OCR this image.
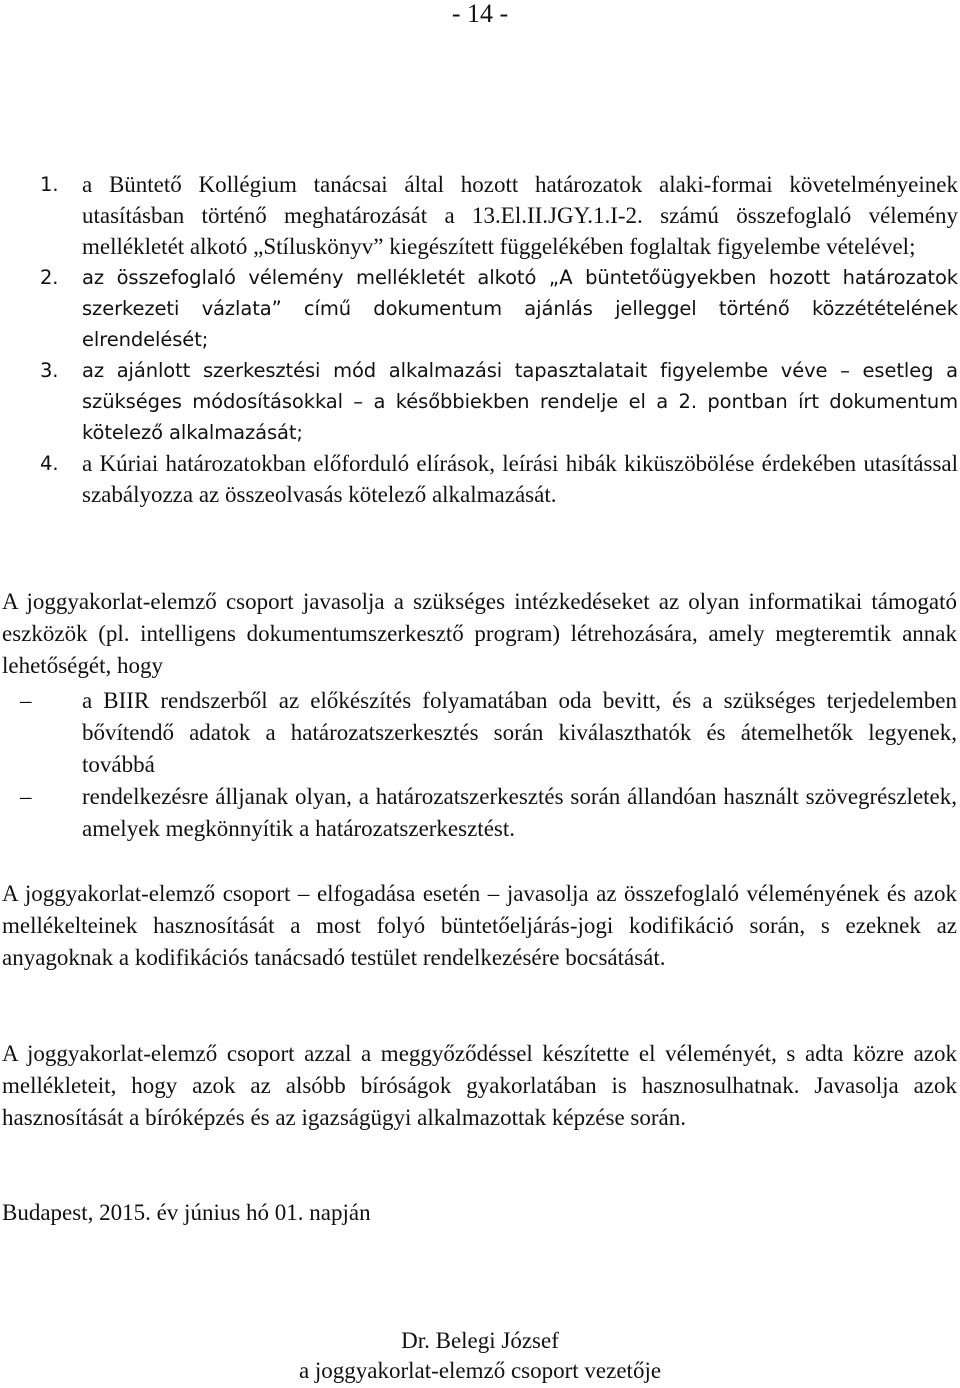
- 14 -
1. a Büntető Kollégium tanácsai által hozott határozatok alaki-formai követelményeinek utasításban történő meghatározását a 13.El.II.JGY.1.I-2. számú összefoglaló vélemény mellékletét alkotó „Stíluskönyv” kiegészített függelékében foglaltak figyelembe vételével;
2. az összefoglaló vélemény mellékletét alkotó „A büntetőügyekben hozott határozatok szerkezeti vázlata” című dokumentum ajánlás jelleggel történő közzétételének elrendelését;
3. az ajánlott szerkesztési mód alkalmazási tapasztalatait figyelembe véve – esetleg a szükséges módosításokkal – a későbbiekben rendelje el a 2. pontban írt dokumentum kötelező alkalmazását;
4. a Kúriai határozatokban előforduló elírások, leírási hibák kiküszöbölése érdekében utasítással szabályozza az összeolvasás kötelező alkalmazását.

A joggyakorlat-elemző csoport javasolja a szükséges intézkedéseket az olyan informatikai támogató eszközök (pl. intelligens dokumentumszerkesztő program) létrehozására, amely megteremtik annak lehetőségét, hogy

– a BIIR rendszerből az előkészítés folyamatában oda bevitt, és a szükséges terjedelemben bővítendő adatok a határozatszerkesztés során kiválaszthatók és átemelhetők legyenek, továbbá
– rendelkezésre álljanak olyan, a határozatszerkesztés során állandóan használt szövegrészletek, amelyek megkönnyítik a határozatszerkesztést.

A joggyakorlat-elemző csoport – elfogadása esetén – javasolja az összefoglaló véleményének és azok mellékelteinek hasznosítását a most folyó büntetőeljárás-jogi kodifikáció során, s ezeknek az anyagoknak a kodifikációs tanácsadó testület rendelkezésére bocsátását.

A joggyakorlat-elemző csoport azzal a meggyőződéssel készítette el véleményét, s adta közre azok mellékleteit, hogy azok az alsóbb bíróságok gyakorlatában is hasznosulhatnak. Javasolja azok hasznosítását a bíróképzés és az igazságügyi alkalmazottak képzése során.

Budapest, 2015. év június hó 01. napján

Dr. Belegi József
a joggyakorlat-elemző csoport vezetője
